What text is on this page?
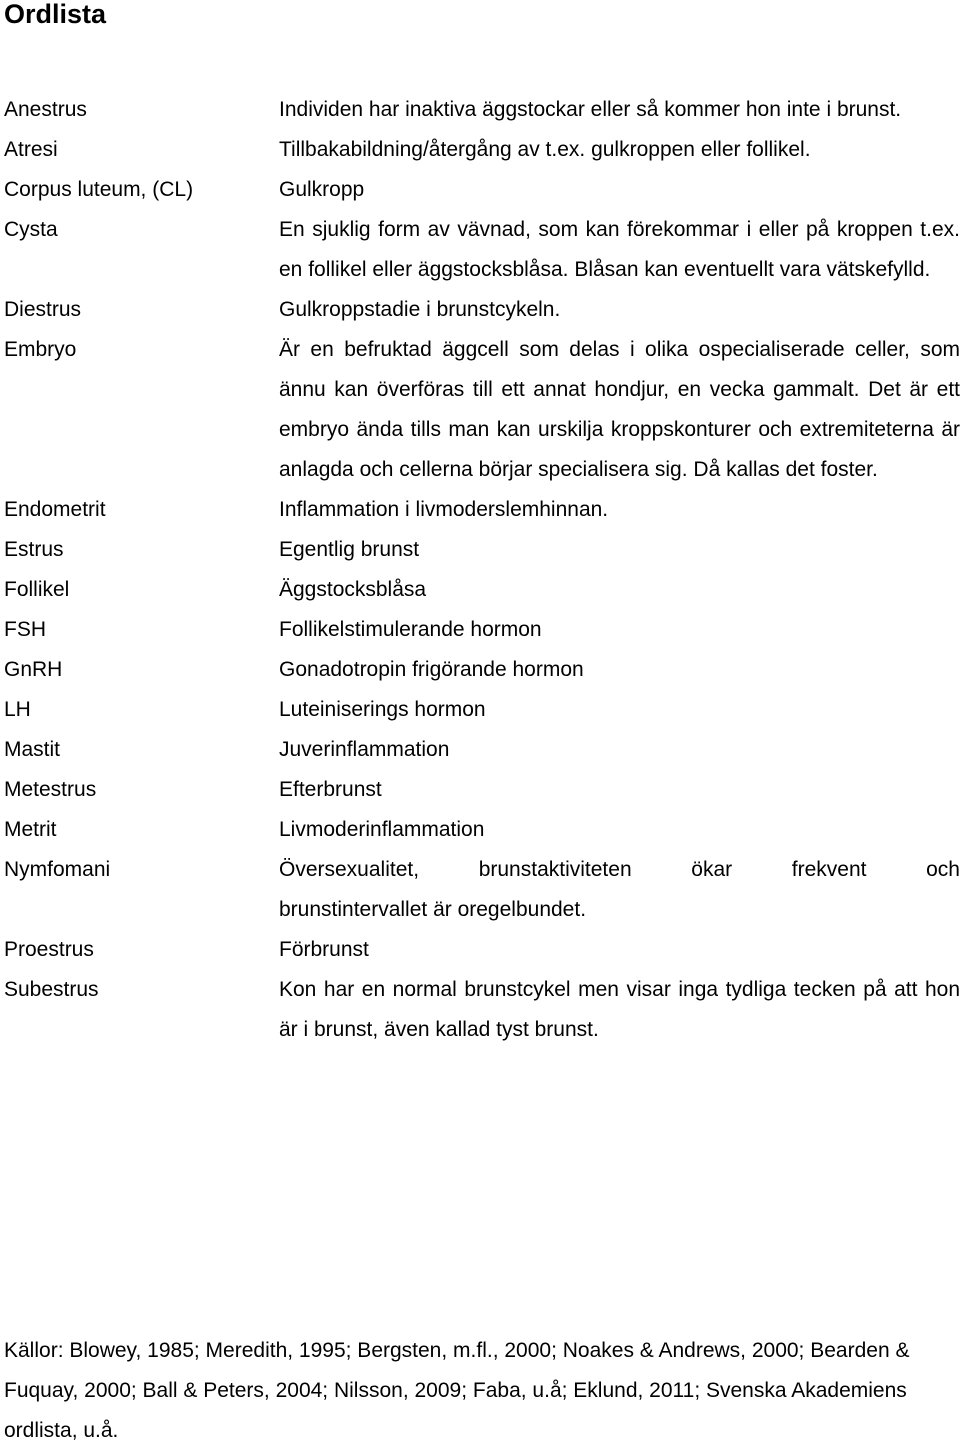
Ordlista
Anestrus	Individen har inaktiva äggstockar eller så kommer hon inte i brunst.
Atresi	Tillbakabildning/återgång av t.ex. gulkroppen eller follikel.
Corpus luteum, (CL)	Gulkropp
Cysta	En sjuklig form av vävnad, som kan förekommar i eller på kroppen t.ex. en follikel eller äggstocksblåsa. Blåsan kan eventuellt vara vätskefylld.
Diestrus	Gulkroppstadie i brunstcykeln.
Embryo	Är en befruktad äggcell som delas i olika ospecialiserade celler, som ännu kan överföras till ett annat hondjur, en vecka gammalt. Det är ett embryo ända tills man kan urskilja kroppskonturer och extremiteterna är anlagda och cellerna börjar specialisera sig. Då kallas det foster.
Endometrit	Inflammation i livmoderslemhinnan.
Estrus	Egentlig brunst
Follikel	Äggstocksblåsa
FSH	Follikelstimulerande hormon
GnRH	Gonadotropin frigörande hormon
LH	Luteiniserings hormon
Mastit	Juverinflammation
Metestrus	Efterbrunst
Metrit	Livmoderinflammation
Nymfomani	Översexualitet, brunstaktiviteten ökar frekvent och
brunstintervallet är oregelbundet.
Proestrus	Förbrunst
Subestrus	Kon har en normal brunstcykel men visar inga tydliga tecken på att hon är i brunst, även kallad tyst brunst.

Källor: Blowey, 1985; Meredith, 1995; Bergsten, m.fl., 2000; Noakes & Andrews, 2000; Bearden & Fuquay, 2000; Ball & Peters, 2004; Nilsson, 2009; Faba, u.å; Eklund, 2011; Svenska Akademiens ordlista, u.å.
